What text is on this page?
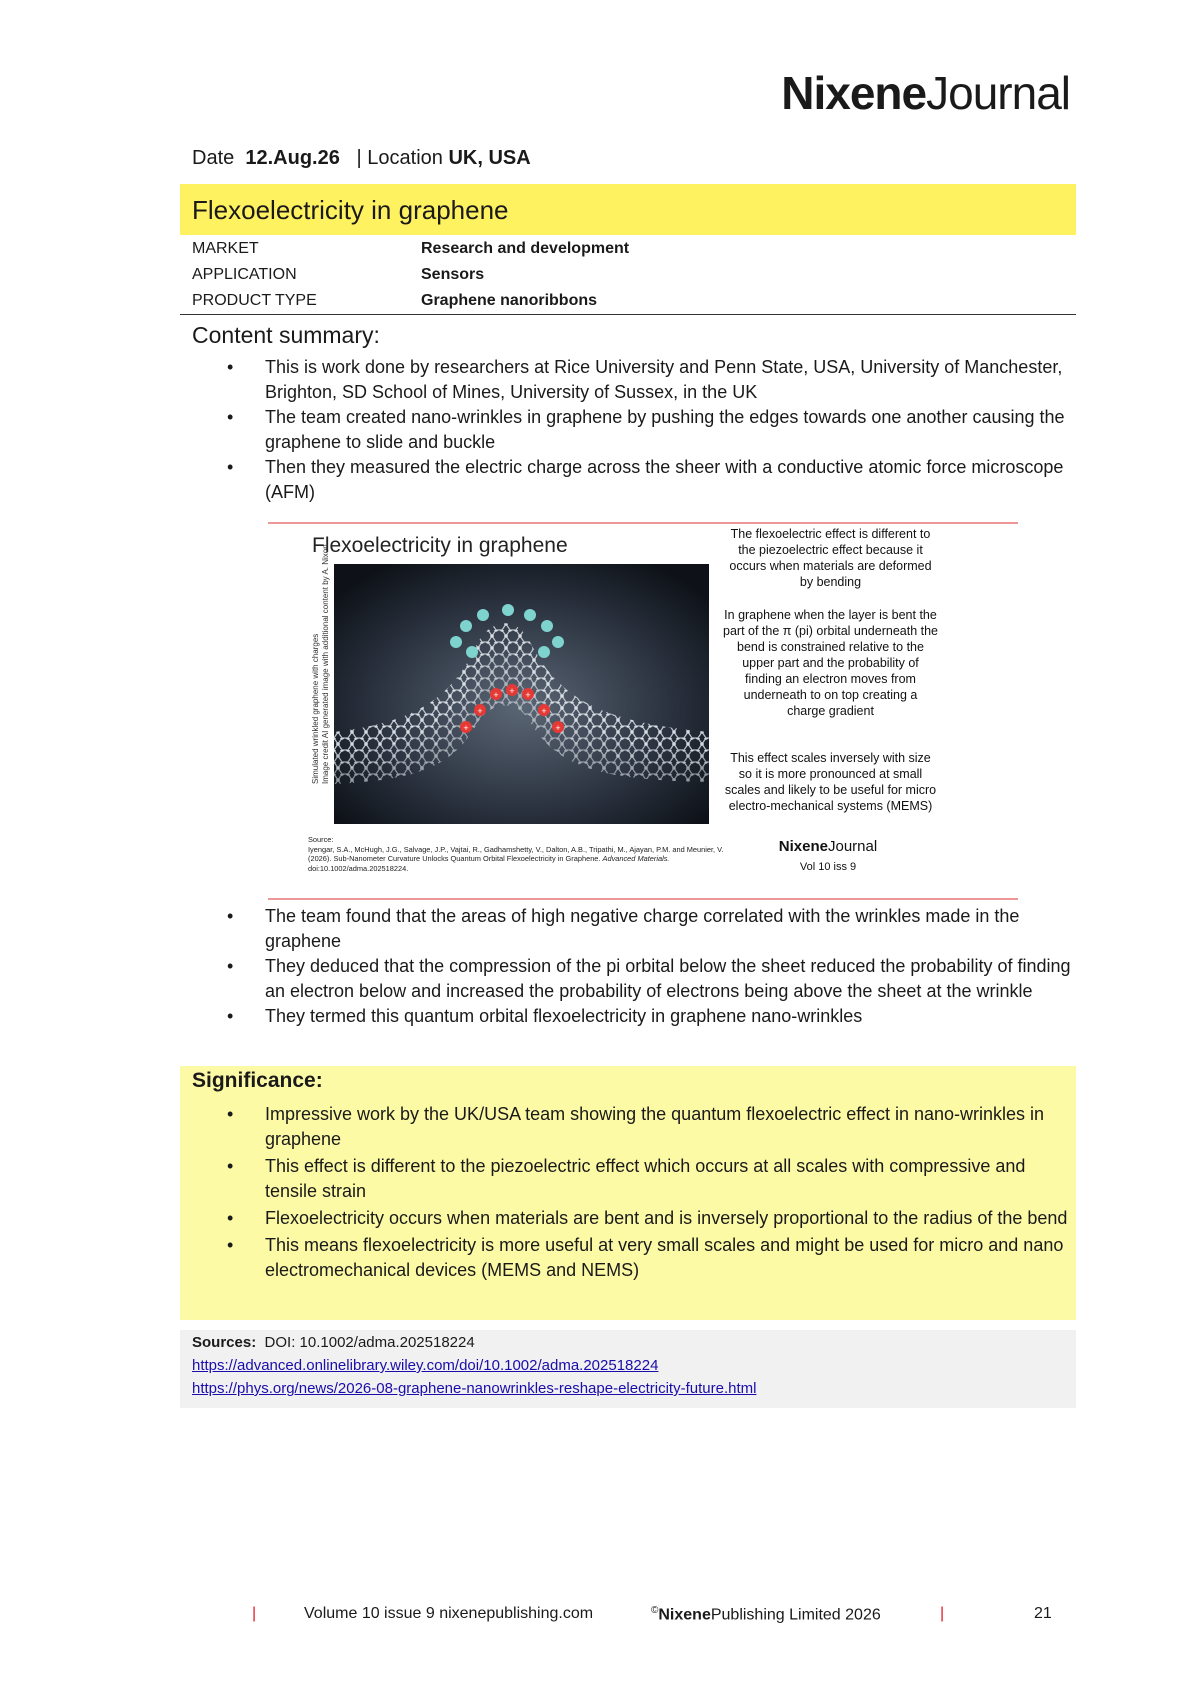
NixeneJournal
Date 12.Aug.26 | Location UK, USA
Flexoelectricity in graphene
MARKET	Research and development
APPLICATION	Sensors
PRODUCT TYPE	Graphene nanoribbons
Content summary:
• This is work done by researchers at Rice University and Penn State, USA, University of Manchester, Brighton, SD School of Mines, University of Sussex, in the UK
• The team created nano-wrinkles in graphene by pushing the edges towards one another causing the graphene to slide and buckle
• Then they measured the electric charge across the sheer with a conductive atomic force microscope (AFM)
Flexoelectricity in graphene
Simulated wrinkled graphene with charges Image credit AI generated image with additional content by A. Nixon	+ + +
+	+
+	+
The flexoelectric effect is different to the piezoelectric effect because it occurs when materials are deformed by bending
In graphene when the layer is bent the part of the π (pi) orbital underneath the bend is constrained relative to the upper part and the probability of finding an electron moves from underneath to on top creating a charge gradient
This effect scales inversely with size so it is more pronounced at small scales and likely to be useful for micro electro-mechanical systems (MEMS)
Source:
Iyengar, S.A., McHugh, J.G., Salvage, J.P., Vajtai, R., Gadhamshetty, V., Dalton, A.B., Tripathi, M., Ajayan, P.M. and Meunier, V. (2026). Sub-Nanometer Curvature Unlocks Quantum Orbital Flexoelectricity in Graphene. Advanced Materials.
doi:10.1002/adma.202518224.
NixeneJournal
Vol 10 iss 9
• The team found that the areas of high negative charge correlated with the wrinkles made in the graphene
• They deduced that the compression of the pi orbital below the sheet reduced the probability of finding an electron below and increased the probability of electrons being above the sheet at the wrinkle
• They termed this quantum orbital flexoelectricity in graphene nano-wrinkles
Significance:
• Impressive work by the UK/USA team showing the quantum flexoelectric effect in nano-wrinkles in graphene
• This effect is different to the piezoelectric effect which occurs at all scales with compressive and tensile strain
• Flexoelectricity occurs when materials are bent and is inversely proportional to the radius of the bend
• This means flexoelectricity is more useful at very small scales and might be used for micro and nano electromechanical devices (MEMS and NEMS)
Sources: DOI: 10.1002/adma.202518224
https://advanced.onlinelibrary.wiley.com/doi/10.1002/adma.202518224
https://phys.org/news/2026-08-graphene-nanowrinkles-reshape-electricity-future.html
|	Volume 10 issue 9 nixenepublishing.com	©NixenePublishing Limited 2026	|	21
